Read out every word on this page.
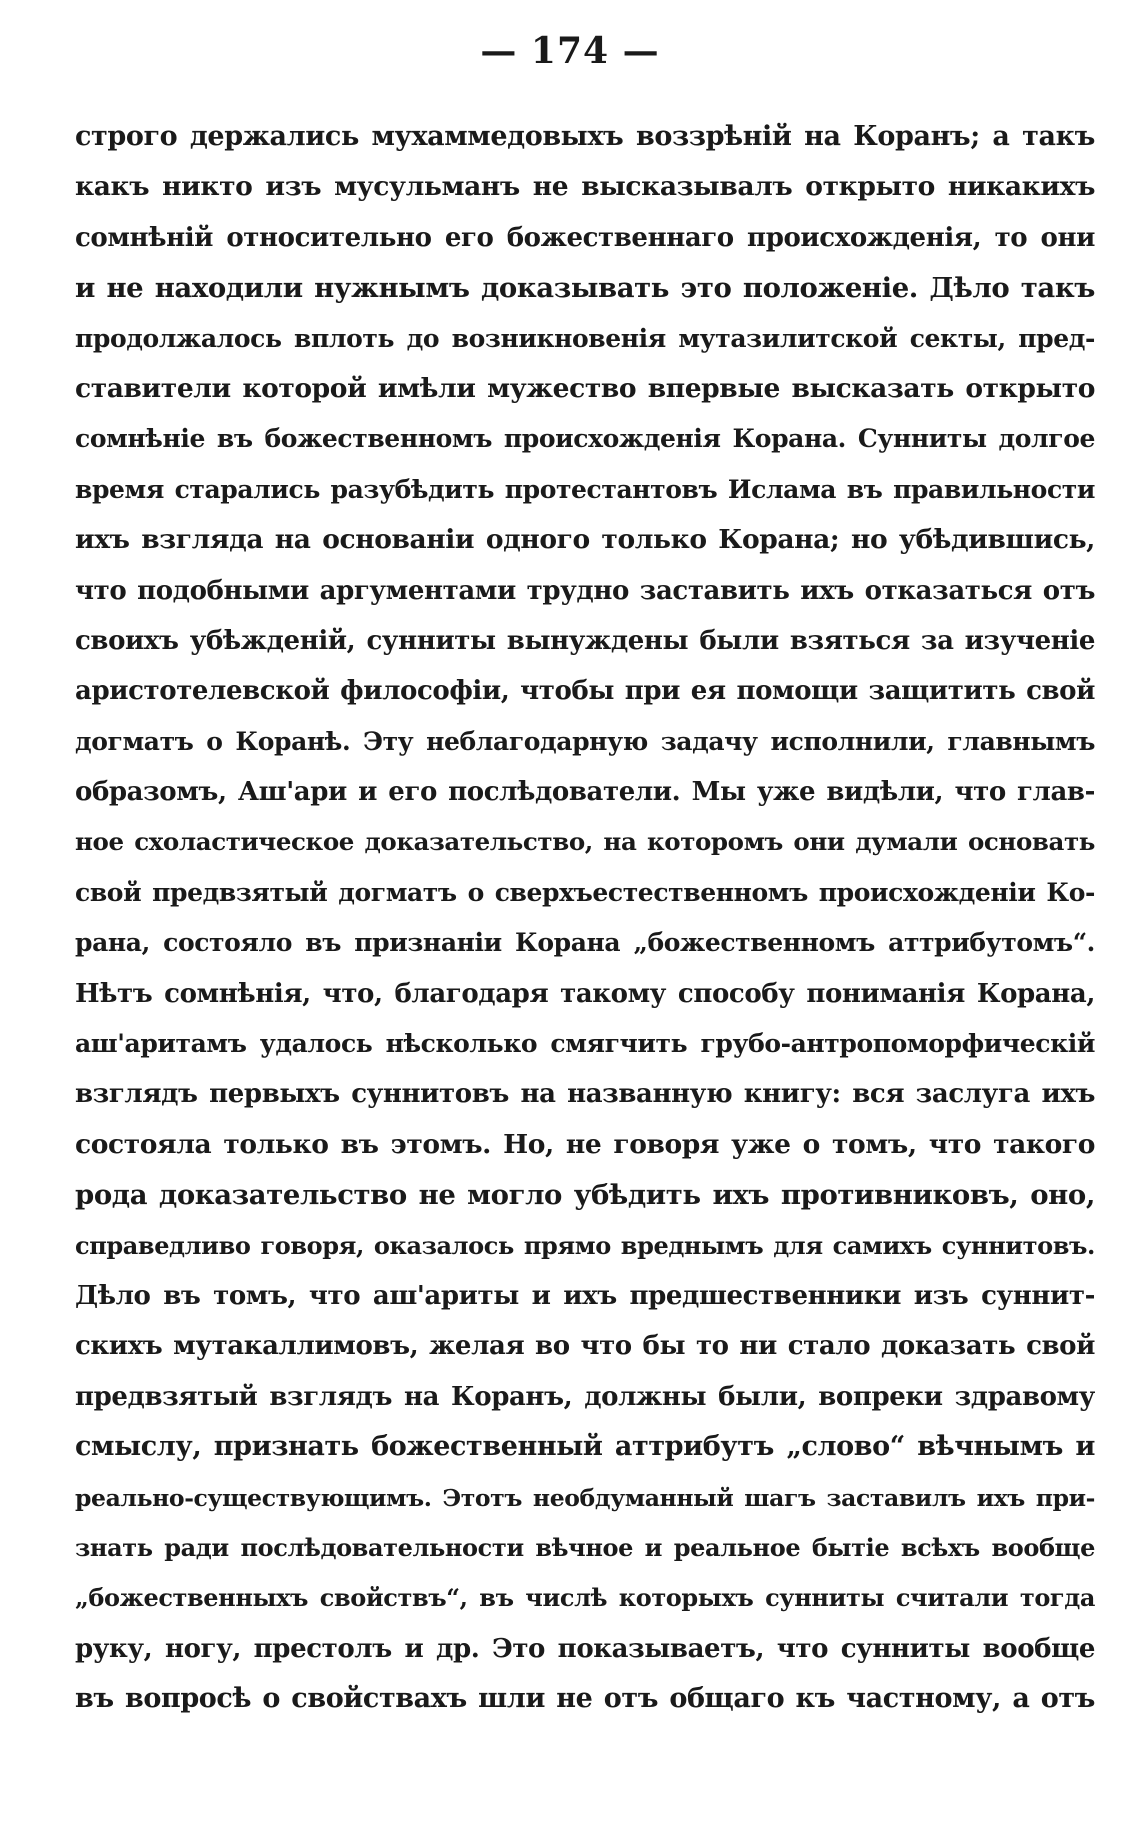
— 174 —
строго держались мухаммедовыхъ воззрѣній на Коранъ; а такъ
какъ никто изъ мусульманъ не высказывалъ открыто никакихъ
сомнѣній относительно его божественнаго происхожденія, то они
и не находили нужнымъ доказывать это положеніе. Дѣло такъ
продолжалось вплоть до возникновенія мутазилитской секты, пред-
ставители которой имѣли мужество впервые высказать открыто
сомнѣніе въ божественномъ происхожденія Корана. Сунниты долгое
время старались разубѣдить протестантовъ Ислама въ правильности
ихъ взгляда на основаніи одного только Корана; но убѣдившись,
что подобными аргументами трудно заставить ихъ отказаться отъ
своихъ убѣжденій, сунниты вынуждены были взяться за изученіе
аристотелевской философіи, чтобы при ея помощи защитить свой
догматъ о Коранѣ. Эту неблагодарную задачу исполнили, главнымъ
образомъ, Аш'ари и его послѣдователи. Мы уже видѣли, что глав-
ное схоластическое доказательство, на которомъ они думали основать
свой предвзятый догматъ о сверхъестественномъ происхожденіи Ко-
рана, состояло въ признаніи Корана „божественномъ аттрибутомъ“.
Нѣтъ сомнѣнія, что, благодаря такому способу пониманія Корана,
аш'аритамъ удалось нѣсколько смягчить грубо-антропоморфическій
взглядъ первыхъ суннитовъ на названную книгу: вся заслуга ихъ
состояла только въ этомъ. Но, не говоря уже о томъ, что такого
рода доказательство не могло убѣдить ихъ противниковъ, оно,
справедливо говоря, оказалось прямо вреднымъ для самихъ суннитовъ.
Дѣло въ томъ, что аш'ариты и ихъ предшественники изъ суннит-
скихъ мутакаллимовъ, желая во что бы то ни стало доказать свой
предвзятый взглядъ на Коранъ, должны были, вопреки здравому
смыслу, признать божественный аттрибутъ „слово“ вѣчнымъ и
реально-существующимъ. Этотъ необдуманный шагъ заставилъ ихъ при-
знать ради послѣдовательности вѣчное и реальное бытіе всѣхъ вообще
„божественныхъ свойствъ“, въ числѣ которыхъ сунниты считали тогда
руку, ногу, престолъ и др. Это показываетъ, что сунниты вообще
въ вопросѣ о свойствахъ шли не отъ общаго къ частному, а отъ
